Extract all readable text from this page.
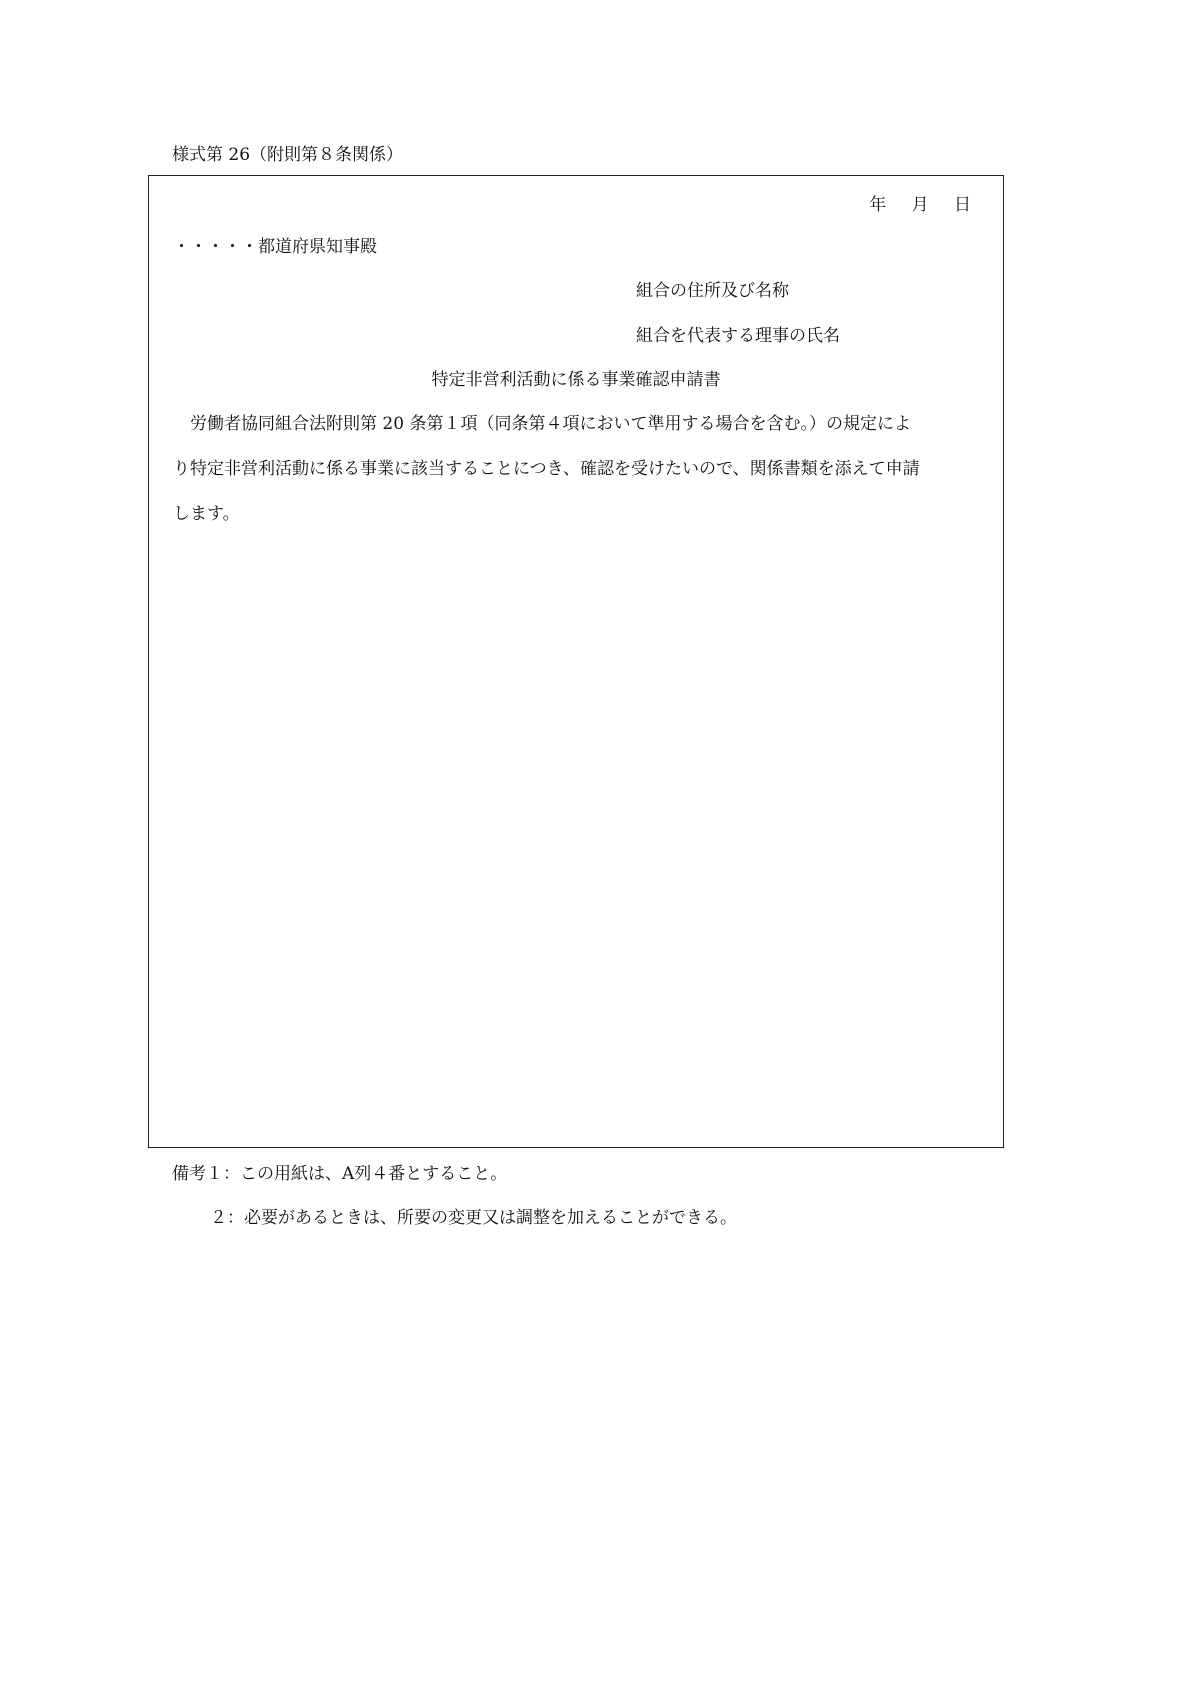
様式第 26（附則第８条関係）
年 月 日
・・・・・都道府県知事殿
組合の住所及び名称
組合を代表する理事の氏名
特定非営利活動に係る事業確認申請書
労働者協同組合法附則第 20 条第１項（同条第４項において準用する場合を含む。）の規定によ
り特定非営利活動に係る事業に該当することにつき、確認を受けたいので、関係書類を添えて申請
します。
備考１：この用紙は、A列４番とすること。
２：必要があるときは、所要の変更又は調整を加えることができる。
